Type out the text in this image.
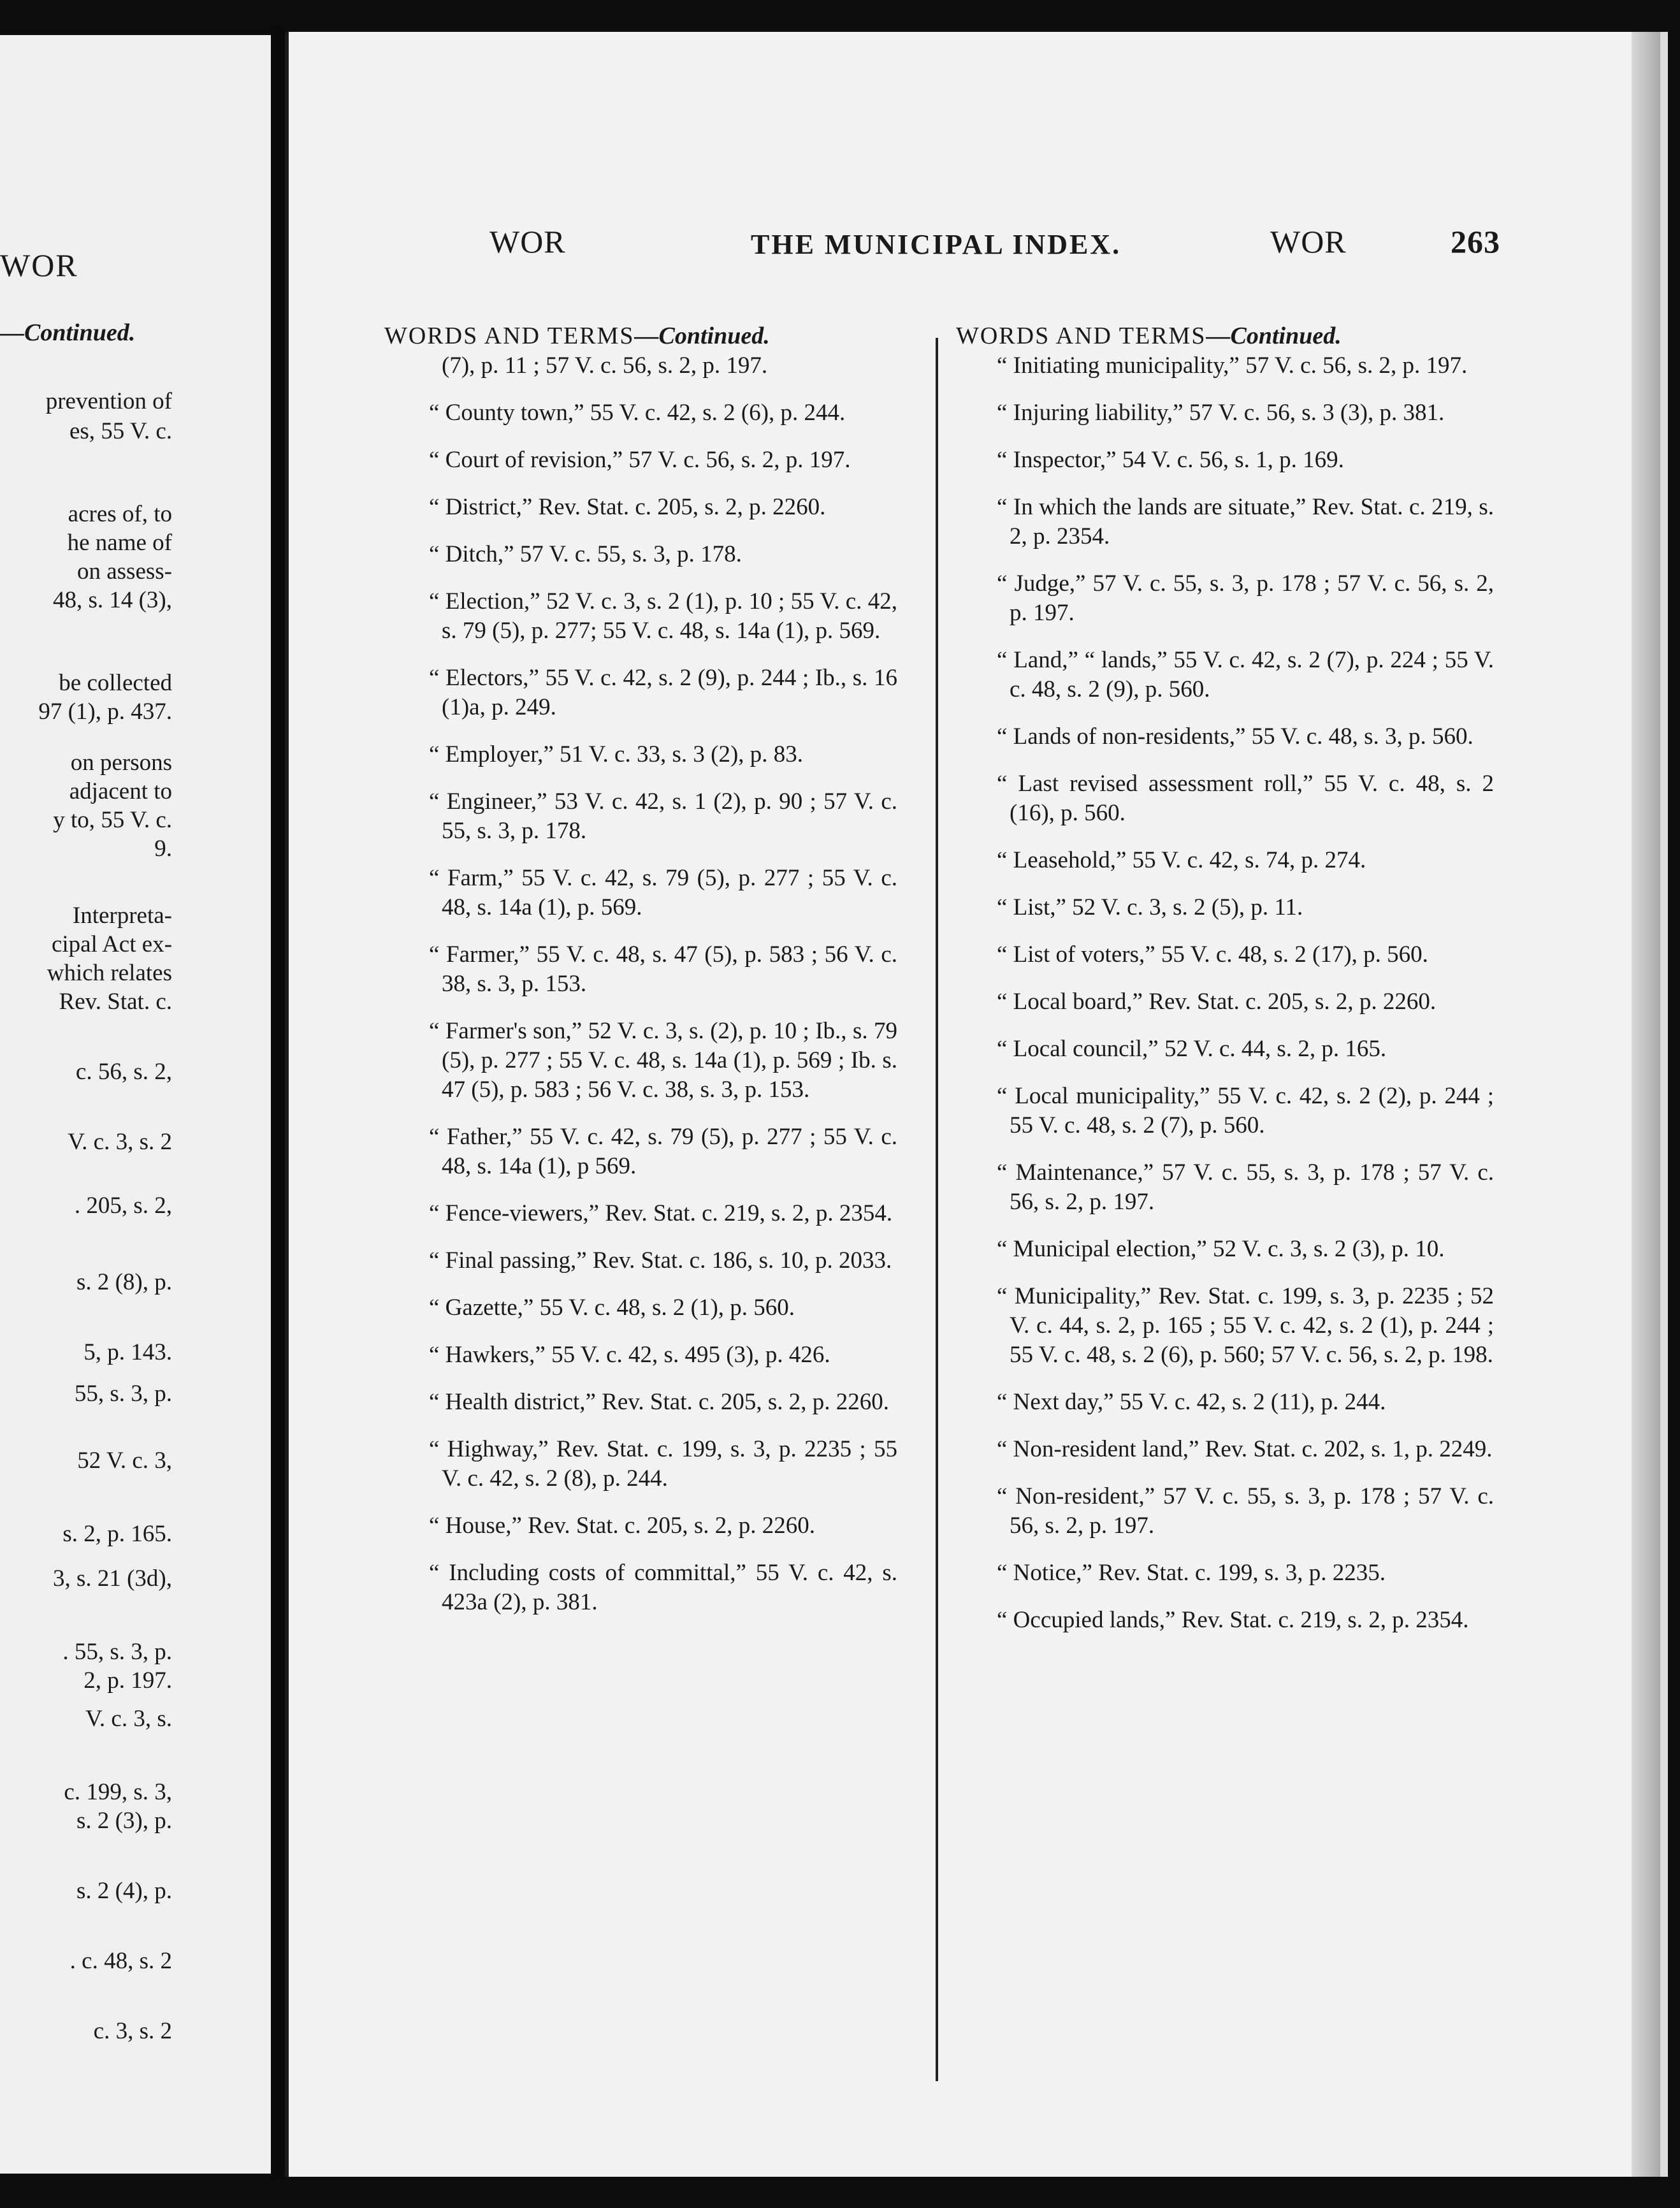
WOR
—Continued.
prevention of
es, 55 V. c.
acres of, to
he name of
on assess-
48, s. 14 (3),
be collected
97 (1), p. 437.
on persons
adjacent to
y to, 55 V. c.
9.
Interpreta-
cipal Act ex-
which relates
Rev. Stat. c.
c. 56, s. 2,
V. c. 3, s. 2
. 205, s. 2,
s. 2 (8), p.
5, p. 143.
55, s. 3, p.
52 V. c. 3,
s. 2, p. 165.
3, s. 21 (3d),
. 55, s. 3, p.
2, p. 197.
V. c. 3, s.
c. 199, s. 3,
s. 2 (3), p.
s. 2 (4), p.
. c. 48, s. 2
c. 3, s. 2
WOR	THE MUNICIPAL INDEX.	WOR	263
WORDS AND TERMS—Continued.
(7), p. 11 ; 57 V. c. 56, s. 2, p. 197.
“ County town,” 55 V. c. 42, s. 2 (6), p. 244.
“ Court of revision,” 57 V. c. 56, s. 2, p. 197.
“ District,” Rev. Stat. c. 205, s. 2, p. 2260.
“ Ditch,” 57 V. c. 55, s. 3, p. 178.
“ Election,” 52 V. c. 3, s. 2 (1), p. 10 ; 55 V. c. 42, s. 79 (5), p. 277; 55 V. c. 48, s. 14a (1), p. 569.
“ Electors,” 55 V. c. 42, s. 2 (9), p. 244 ; Ib., s. 16 (1)a, p. 249.
“ Employer,” 51 V. c. 33, s. 3 (2), p. 83.
“ Engineer,” 53 V. c. 42, s. 1 (2), p. 90 ; 57 V. c. 55, s. 3, p. 178.
“ Farm,” 55 V. c. 42, s. 79 (5), p. 277 ; 55 V. c. 48, s. 14a (1), p. 569.
“ Farmer,” 55 V. c. 48, s. 47 (5), p. 583 ; 56 V. c. 38, s. 3, p. 153.
“ Farmer's son,” 52 V. c. 3, s. (2), p. 10 ; Ib., s. 79 (5), p. 277 ; 55 V. c. 48, s. 14a (1), p. 569 ; Ib. s. 47 (5), p. 583 ; 56 V. c. 38, s. 3, p. 153.
“ Father,” 55 V. c. 42, s. 79 (5), p. 277 ; 55 V. c. 48, s. 14a (1), p 569.
“ Fence-viewers,” Rev. Stat. c. 219, s. 2, p. 2354.
“ Final passing,” Rev. Stat. c. 186, s. 10, p. 2033.
“ Gazette,” 55 V. c. 48, s. 2 (1), p. 560.
“ Hawkers,” 55 V. c. 42, s. 495 (3), p. 426.
“ Health district,” Rev. Stat. c. 205, s. 2, p. 2260.
“ Highway,” Rev. Stat. c. 199, s. 3, p. 2235 ; 55 V. c. 42, s. 2 (8), p. 244.
“ House,” Rev. Stat. c. 205, s. 2, p. 2260.
“ Including costs of committal,” 55 V. c. 42, s. 423a (2), p. 381.
WORDS AND TERMS—Continued.
“ Initiating municipality,” 57 V. c. 56, s. 2, p. 197.
“ Injuring liability,” 57 V. c. 56, s. 3 (3), p. 381.
“ Inspector,” 54 V. c. 56, s. 1, p. 169.
“ In which the lands are situate,” Rev. Stat. c. 219, s. 2, p. 2354.
“ Judge,” 57 V. c. 55, s. 3, p. 178 ; 57 V. c. 56, s. 2, p. 197.
“ Land,” “ lands,” 55 V. c. 42, s. 2 (7), p. 224 ; 55 V. c. 48, s. 2 (9), p. 560.
“ Lands of non-residents,” 55 V. c. 48, s. 3, p. 560.
“ Last revised assessment roll,” 55 V. c. 48, s. 2 (16), p. 560.
“ Leasehold,” 55 V. c. 42, s. 74, p. 274.
“ List,” 52 V. c. 3, s. 2 (5), p. 11.
“ List of voters,” 55 V. c. 48, s. 2 (17), p. 560.
“ Local board,” Rev. Stat. c. 205, s. 2, p. 2260.
“ Local council,” 52 V. c. 44, s. 2, p. 165.
“ Local municipality,” 55 V. c. 42, s. 2 (2), p. 244 ; 55 V. c. 48, s. 2 (7), p. 560.
“ Maintenance,” 57 V. c. 55, s. 3, p. 178 ; 57 V. c. 56, s. 2, p. 197.
“ Municipal election,” 52 V. c. 3, s. 2 (3), p. 10.
“ Municipality,” Rev. Stat. c. 199, s. 3, p. 2235 ; 52 V. c. 44, s. 2, p. 165 ; 55 V. c. 42, s. 2 (1), p. 244 ; 55 V. c. 48, s. 2 (6), p. 560; 57 V. c. 56, s. 2, p. 198.
“ Next day,” 55 V. c. 42, s. 2 (11), p. 244.
“ Non-resident land,” Rev. Stat. c. 202, s. 1, p. 2249.
“ Non-resident,” 57 V. c. 55, s. 3, p. 178 ; 57 V. c. 56, s. 2, p. 197.
“ Notice,” Rev. Stat. c. 199, s. 3, p. 2235.
“ Occupied lands,” Rev. Stat. c. 219, s. 2, p. 2354.
